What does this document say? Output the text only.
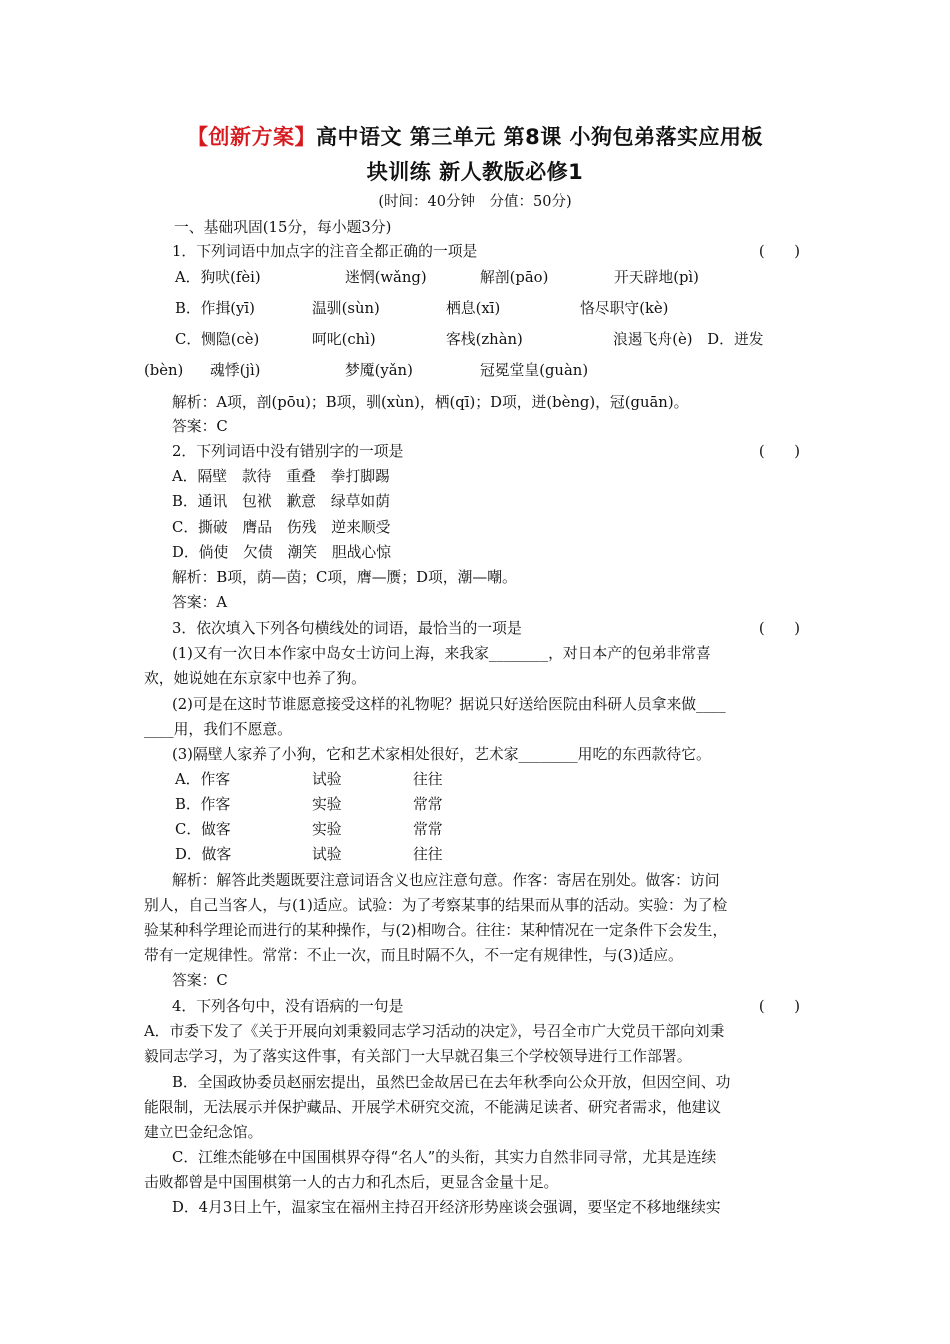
【创新方案】高中语文 第三单元 第8课 小狗包弟落实应用板
块训练 新人教版必修1
(时间：40分钟　分值：50分)
一、基础巩固(15分，每小题3分)
1．下列词语中加点字的注音全都正确的一项是	(　　)
A．狗吠(fèi)	迷惘(wǎng)	解剖(pāo)	开天辟地(pì)
B．作揖(yī)	温驯(sùn)	栖息(xī)	恪尽职守(kè)
C．恻隐(cè)	呵叱(chì)	客栈(zhàn)	浪遏飞舟(è)　D．迸发
(bèn) 魂悸(jì)	梦魇(yǎn)	冠冕堂皇(guàn)
解析：A项，剖(pōu)；B项，驯(xùn)，栖(qī)；D项，迸(bèng)，冠(guān)。
答案：C
2．下列词语中没有错别字的一项是	(　　)
A．隔壁　款待　重叠　拳打脚踢
B．通讯　包袱　歉意　绿草如荫
C．撕破　膺品　伤残　逆来顺受
D．倘使　欠债　潮笑　胆战心惊
解析：B项，荫—茵；C项，膺—赝；D项，潮—嘲。
答案：A
3．依次填入下列各句横线处的词语，最恰当的一项是	(　　)
(1)又有一次日本作家中岛女士访问上海，来我家________，对日本产的包弟非常喜
欢，她说她在东京家中也养了狗。
(2)可是在这时节谁愿意接受这样的礼物呢？据说只好送给医院由科研人员拿来做____
____用，我们不愿意。
(3)隔壁人家养了小狗，它和艺术家相处很好，艺术家________用吃的东西款待它。
A．作客	试验	往往
B．作客	实验	常常
C．做客	实验	常常
D．做客	试验	往往
解析：解答此类题既要注意词语含义也应注意句意。作客：寄居在别处。做客：访问
别人，自己当客人，与(1)适应。试验：为了考察某事的结果而从事的活动。实验：为了检
验某种科学理论而进行的某种操作，与(2)相吻合。往往：某种情况在一定条件下会发生，
带有一定规律性。常常：不止一次，而且时隔不久，不一定有规律性，与(3)适应。
答案：C
4．下列各句中，没有语病的一句是	(　　)
A．市委下发了《关于开展向刘秉毅同志学习活动的决定》，号召全市广大党员干部向刘秉
毅同志学习，为了落实这件事，有关部门一大早就召集三个学校领导进行工作部署。
B．全国政协委员赵丽宏提出，虽然巴金故居已在去年秋季向公众开放，但因空间、功
能限制，无法展示并保护藏品、开展学术研究交流，不能满足读者、研究者需求，他建议
建立巴金纪念馆。
C．江维杰能够在中国围棋界夺得“名人”的头衔，其实力自然非同寻常，尤其是连续
击败都曾是中国围棋第一人的古力和孔杰后，更显含金量十足。
D．4月3日上午，温家宝在福州主持召开经济形势座谈会强调，要坚定不移地继续实
